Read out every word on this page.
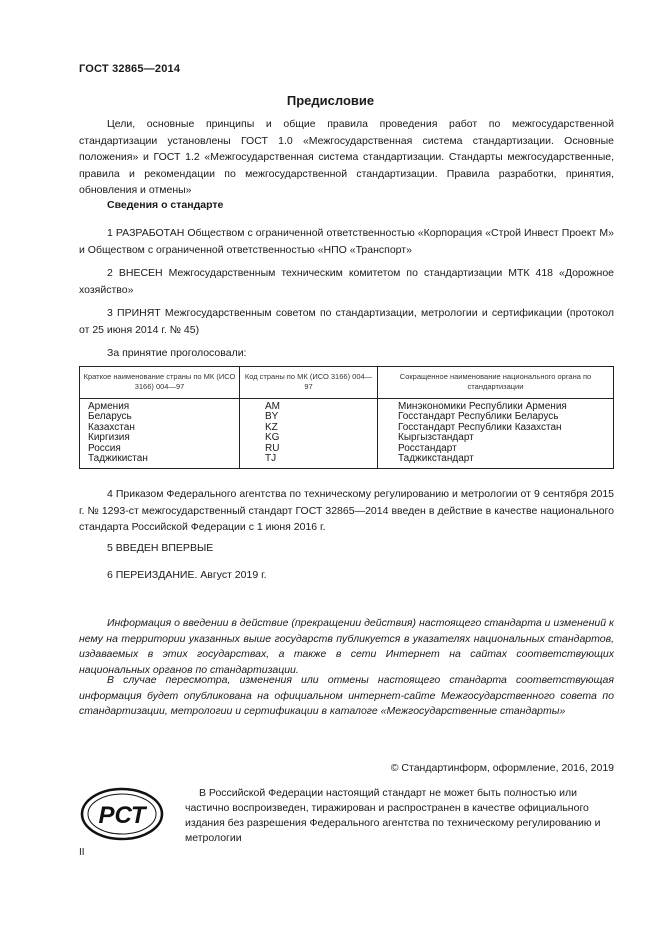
ГОСТ 32865—2014
Предисловие
Цели, основные принципы и общие правила проведения работ по межгосударственной стандартизации установлены ГОСТ 1.0 «Межгосударственная система стандартизации. Основные положения» и ГОСТ 1.2 «Межгосударственная система стандартизации. Стандарты межгосударственные, правила и рекомендации по межгосударственной стандартизации. Правила разработки, принятия, обновления и отмены»
Сведения о стандарте
1 РАЗРАБОТАН Обществом с ограниченной ответственностью «Корпорация «Строй Инвест Проект М» и Обществом с ограниченной ответственностью «НПО «Транспорт»
2 ВНЕСЕН Межгосударственным техническим комитетом по стандартизации МТК 418 «Дорожное хозяйство»
3 ПРИНЯТ Межгосударственным советом по стандартизации, метрологии и сертификации (протокол от 25 июня 2014 г. № 45)
За принятие проголосовали:
Краткое наименование страны по МК (ИСО 3166) 004—97	Код страны по МК (ИСО 3166) 004—97	Сокращенное наименование национального органа по стандартизации
Армения	AM	Минэкономики Республики Армения
Беларусь	BY	Госстандарт Республики Беларусь
Казахстан	KZ	Госстандарт Республики Казахстан
Киргизия	KG	Кыргызстандарт
Россия	RU	Росстандарт
Таджикистан	TJ	Таджикстандарт
4 Приказом Федерального агентства по техническому регулированию и метрологии от 9 сентября 2015 г. № 1293-ст межгосударственный стандарт ГОСТ 32865—2014 введен в действие в качестве национального стандарта Российской Федерации с 1 июня 2016 г.
5 ВВЕДЕН ВПЕРВЫЕ
6 ПЕРЕИЗДАНИЕ. Август 2019 г.
Информация о введении в действие (прекращении действия) настоящего стандарта и изменений к нему на территории указанных выше государств публикуется в указателях национальных стандартов, издаваемых в этих государствах, а также в сети Интернет на сайтах соответствующих национальных органов по стандартизации.
В случае пересмотра, изменения или отмены настоящего стандарта соответствующая информация будет опубликована на официальном интернет-сайте Межгосударственного совета по стандартизации, метрологии и сертификации в каталоге «Межгосударственные стандарты»
© Стандартинформ, оформление, 2016, 2019
РСТ
В Российской Федерации настоящий стандарт не может быть полностью или частично воспроизведен, тиражирован и распространен в качестве официального издания без разрешения Федерального агентства по техническому регулированию и метрологии
II
